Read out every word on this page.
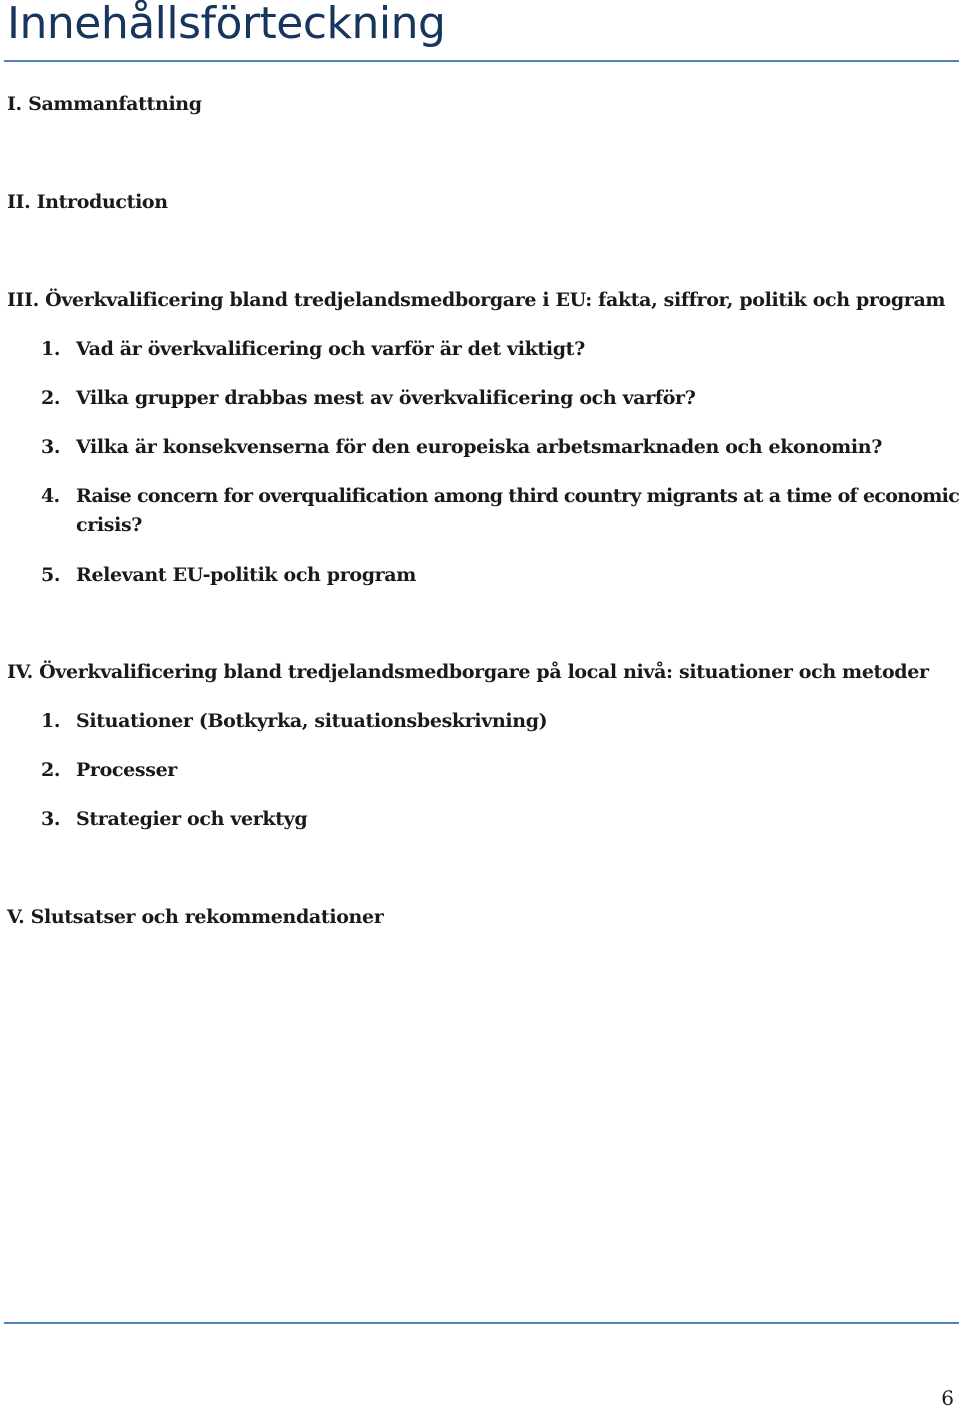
Innehållsförteckning
I. Sammanfattning
II. Introduction
III. Överkvalificering bland tredjelandsmedborgare i EU: fakta, siffror, politik och program
1. Vad är överkvalificering och varför är det viktigt?
2. Vilka grupper drabbas mest av överkvalificering och varför?
3. Vilka är konsekvenserna för den europeiska arbetsmarknaden och ekonomin?
4. Raise concern for overqualification among third country migrants at a time of economic
crisis?
5. Relevant EU-politik och program
IV. Överkvalificering bland tredjelandsmedborgare på local nivå: situationer och metoder
1. Situationer (Botkyrka, situationsbeskrivning)
2. Processer
3. Strategier och verktyg
V. Slutsatser och rekommendationer
6
